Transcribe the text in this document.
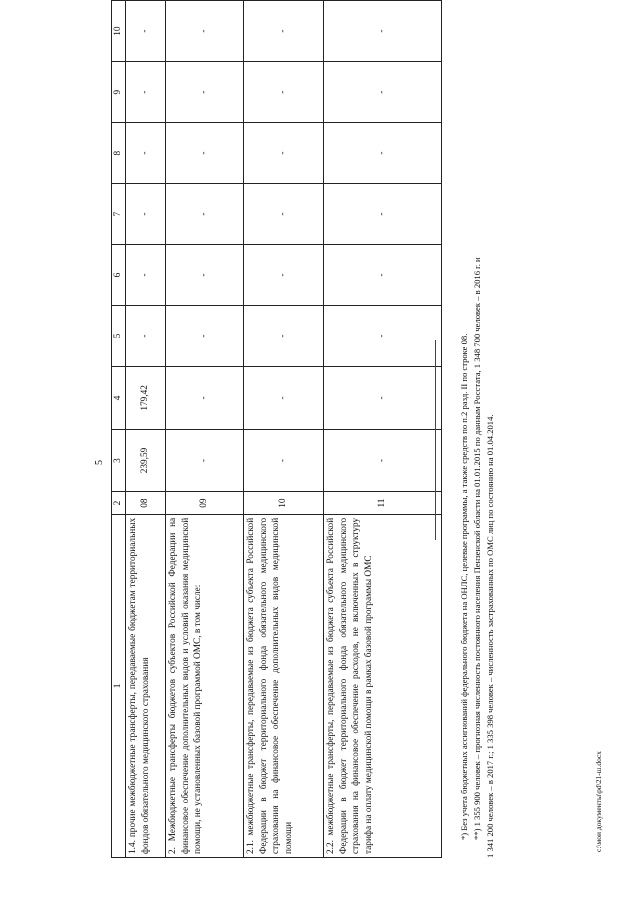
5
1	2	3	4	5	6	7	8	9	10
1.4. прочие межбюджетные трансферты, передаваемые бюджетам территориальных фондов обязательного медицинского страхования	08	239,59	179,42	-	-	-	-	-	-
2. Межбюджетные трансферты бюджетов субъектов Российской Федерации на финансовое обеспечение дополнительных видов и условий оказания медицинской помощи, не установленных базовой программой ОМС, в том числе:	09	-	-	-	-	-	-	-	-
2.1. межбюджетные трансферты, передаваемые из бюджета субъекта Российской Федерации в бюджет территориального фонда обязательного медицинского страхования на финансовое обеспечение дополнительных видов медицинской помощи	10	-	-	-	-	-	-	-	-
2.2. межбюджетные трансферты, передаваемые из бюджета субъекта Российской Федерации в бюджет территориального фонда обязательного медицинского страхования на финансовое обеспечение расходов, не включенных в структуру тарифа на оплату медицинской помощи в рамках базовой программы ОМС	11	-	-	-	-	-	-	-	-
*) Без учета бюджетных ассигнований федерального бюджета на ОНЛС, целевые программы, а также средств по п.2 разд. II по строке 08. **) 1 355 900 человек – прогнозная численность постоянного населения Пензенской области на 01.01.2015 по данным Росстата, 1 348 700 человек – в 2016 г. и 1 341 200 человек – в 2017 г.; 1 335 398 человек – численность застрахованных по ОМС лиц по состоянию на 01.04.2014.	c:\мои документы\pd\21-ш.docx
